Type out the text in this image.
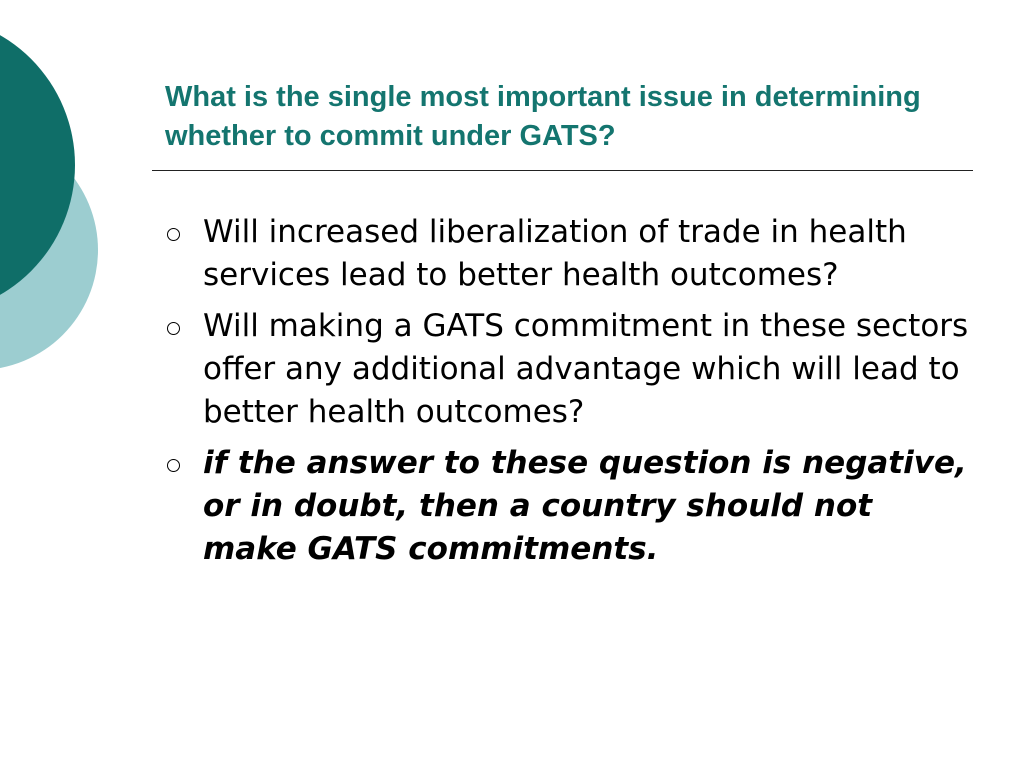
What is the single most important issue in determining whether to commit under GATS?
Will increased liberalization of trade in health services lead to better health outcomes?
Will making a GATS commitment in these sectors offer any additional advantage which will lead to better health outcomes?
if the answer to these question is negative, or in doubt, then a country should not make GATS commitments.
